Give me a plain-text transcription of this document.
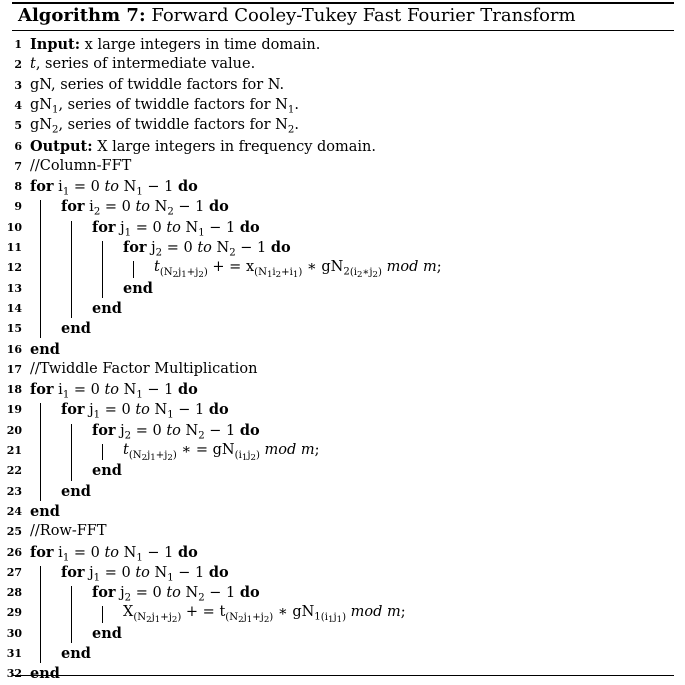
Algorithm 7: Forward Cooley-Tukey Fast Fourier Transform
1 Input: x large integers in time domain.
2 t, series of intermediate value.
3 gN, series of twiddle factors for N.
4 $gN_1$, series of twiddle factors for $N_1$.
5 $gN_2$, series of twiddle factors for $N_2$.
6 Output: X large integers in frequency domain.
7 //Column-FFT
8 for $i_1 = 0$ to $N_1 - 1$ do
9	for $i_2 = 0$ to $N_2 - 1$ do
10	for $j_1 = 0$ to $N_1 - 1$ do
11	for $j_2 = 0$ to $N_2 - 1$ do
12	$t_{(N_2j_1+j_2)}$ + = $x_{(N_1i_2+i_1)}$ ∗ $gN_{2(i_2∗j_2)}$ mod m;
13	end
14	end
15	end
16 end
17 //Twiddle Factor Multiplication
18 for $i_1 = 0$ to $N_1 - 1$ do
19	for $j_1 = 0$ to $N_1 - 1$ do
20	for $j_2 = 0$ to $N_2 - 1$ do
21	$t_{(N_2j_1+j_2)}$ ∗ = $gN_{(i_1j_2)}$ mod m;
22	end
23	end
24 end
25 //Row-FFT
26 for $i_1 = 0$ to $N_1 - 1$ do
27	for $j_1 = 0$ to $N_1 - 1$ do
28	for $j_2 = 0$ to $N_2 - 1$ do
29	$X_{(N_2j_1+j_2)}$ + = $t_{(N_2j_1+j_2)}$ ∗ $gN_{1(i_1j_1)}$ mod m;
30	end
31	end
32 end
